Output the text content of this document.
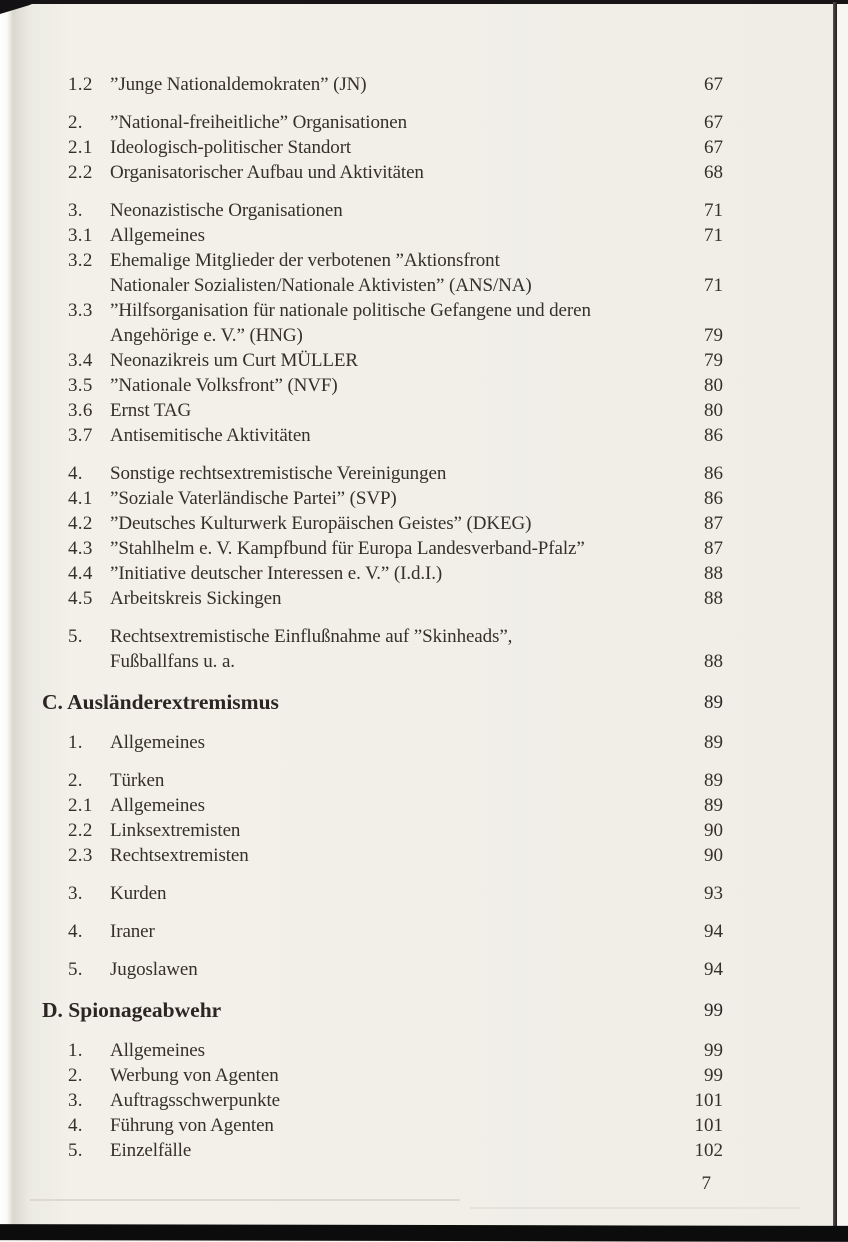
1.2 ”Junge Nationaldemokraten” (JN)	67
2.	”National-freiheitliche” Organisationen	67
2.1 Ideologisch-politischer Standort	67
2.2 Organisatorischer Aufbau und Aktivitäten	68
3.	Neonazistische Organisationen	71
3.1 Allgemeines	71
3.2 Ehemalige Mitglieder der verbotenen ”Aktionsfront
Nationaler Sozialisten/Nationale Aktivisten” (ANS/NA)	71
3.3 ”Hilfsorganisation für nationale politische Gefangene und deren
Angehörige e. V.” (HNG)	79
3.4 Neonazikreis um Curt MÜLLER	79
3.5 ”Nationale Volksfront” (NVF)	80
3.6 Ernst TAG	80
3.7 Antisemitische Aktivitäten	86
4.	Sonstige rechtsextremistische Vereinigungen	86
4.1 ”Soziale Vaterländische Partei” (SVP)	86
4.2 ”Deutsches Kulturwerk Europäischen Geistes” (DKEG)	87
4.3 ”Stahlhelm e. V. Kampfbund für Europa Landesverband-Pfalz”	87
4.4 ”Initiative deutscher Interessen e. V.” (I.d.I.)	88
4.5 Arbeitskreis Sickingen	88
5.	Rechtsextremistische Einflußnahme auf ”Skinheads”,
Fußballfans u. a.	88
C. Ausländerextremismus	89
1.	Allgemeines	89
2.	Türken	89
2.1 Allgemeines	89
2.2 Linksextremisten	90
2.3 Rechtsextremisten	90
3.	Kurden	93
4.	Iraner	94
5.	Jugoslawen	94
D. Spionageabwehr	99
1.	Allgemeines	99
2.	Werbung von Agenten	99
3.	Auftragsschwerpunkte	101
4.	Führung von Agenten	101
5.	Einzelfälle	102
7
